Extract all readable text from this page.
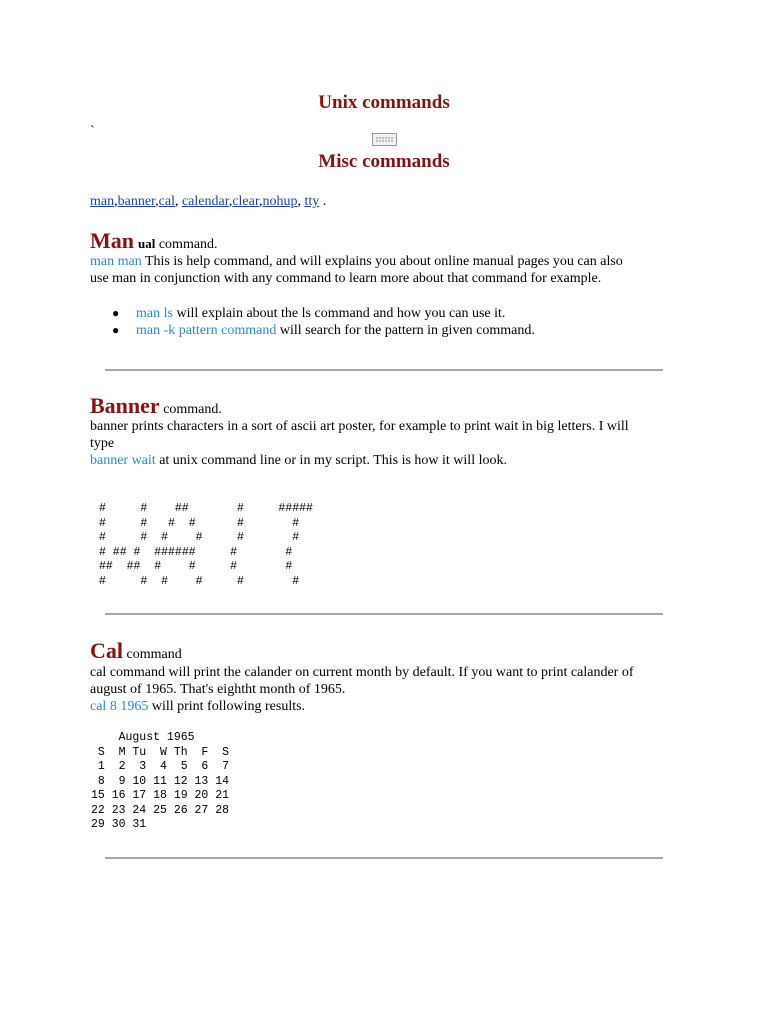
Unix commands
`
Misc commands
man,banner,cal, calendar,clear,nohup, tty .
Man ual command.
man man This is help command, and will explains you about online manual pages you can also
use man in conjunction with any command to learn more about that command for example.
● man ls will explain about the ls command and how you can use it.
● man -k pattern command will search for the pattern in given command.
Banner command.
banner prints characters in a sort of ascii art poster, for example to print wait in big letters. I will
type
banner wait at unix command line or in my script. This is how it will look.
#     #    ##       #     #####
#     #   #  #      #       #
#     #  #    #     #       #
# ## #  ######     #       #
##  ##  #    #     #       #
#     #  #    #     #       #
Cal command
cal command will print the calander on current month by default. If you want to print calander of
august of 1965. That's eightht month of 1965.
cal 8 1965 will print following results.
August 1965
S  M Tu  W Th  F  S
1  2  3  4  5  6  7
8  9 10 11 12 13 14
15 16 17 18 19 20 21
22 23 24 25 26 27 28
29 30 31
